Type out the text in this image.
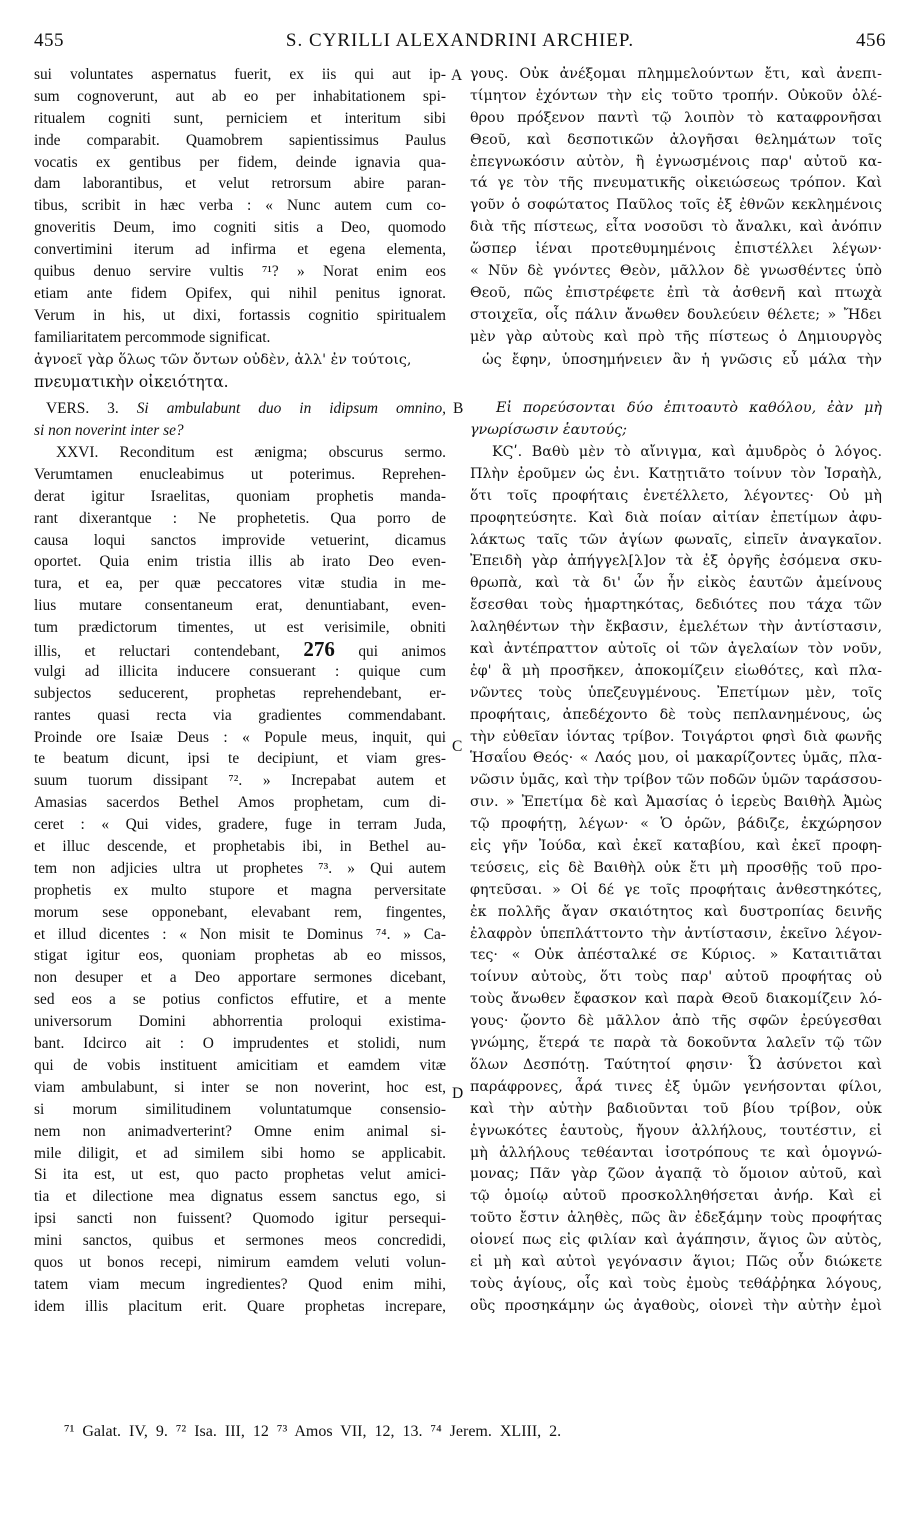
455	S. CYRILLI ALEXANDRINI ARCHIEP.	456
sui voluntates aspernatus fuerit, ex iis qui aut ip-
sum cognoverunt, aut ab eo per inhabitationem spi-
ritualem cogniti sunt, perniciem et interitum sibi
inde comparabit. Quamobrem sapientissimus Paulus
vocatis ex gentibus per fidem, deinde ignavia qua-
dam laborantibus, et velut retrorsum abire paran-
tibus, scribit in hæc verba : « Nunc autem cum co-
gnoveritis Deum, imo cogniti sitis a Deo, quomodo
convertimini iterum ad infirma et egena elementa,
quibus denuo servire vultis ⁷¹? » Norat enim eos
etiam ante fidem Opifex, qui nihil penitus ignorat.
Verum in his, ut dixi, fortassis cognitio spiritualem
familiaritatem percommode significat.
γους. Οὐκ ἀνέξομαι πλημμελούντων ἔτι, καὶ ἀνεπι-
τίμητον ἐχόντων τὴν εἰς τοῦτο τροπήν. Οὐκοῦν ὀλέ-
θρου πρόξενον παντὶ τῷ λοιπὸν τὸ καταφρονῆσαι
Θεοῦ, καὶ δεσποτικῶν ἀλογῆσαι θελημάτων τοῖς
ἐπεγνωκόσιν αὐτὸν, ἢ ἐγνωσμένοις παρ' αὐτοῦ κα-
τά γε τὸν τῆς πνευματικῆς οἰκειώσεως τρόπον. Καὶ
γοῦν ὁ σοφώτατος Παῦλος τοῖς ἐξ ἐθνῶν κεκλημένοις
διὰ τῆς πίστεως, εἶτα νοσοῦσι τὸ ἄναλκι, καὶ ἀνόπιν
ὥσπερ ἰέναι προτεθυμημένοις ἐπιστέλλει λέγων·
« Νῦν δὲ γνόντες Θεὸν, μᾶλλον δὲ γνωσθέντες ὑπὸ
Θεοῦ, πῶς ἐπιστρέφετε ἐπὶ τὰ ἀσθενῆ καὶ πτωχὰ
στοιχεῖα, οἷς πάλιν ἄνωθεν δουλεύειν θέλετε; » Ἤδει
μὲν γὰρ αὐτοὺς καὶ πρὸ τῆς πίστεως ὁ Δημιουργὸς
A
ἀγνοεῖ γὰρ ὅλως τῶν ὄντων οὐδὲν, ἀλλ' ἐν τούτοις,	ὡς ἔφην, ὑποσημήνειεν ἂν ἡ γνῶσις εὖ μάλα τὴν
πνευματικὴν οἰκειότητα.
VERS. 3. Si ambulabunt duo in idipsum omnino,
si non noverint inter se?
B	Εἰ πορεύσονται δύο ἐπιτοαυτὸ καθόλου, ἐὰν μὴ
γνωρίσωσιν ἑαυτούς;
XXVI. Reconditum est ænigma; obscurus sermo.
Verumtamen enucleabimus ut poterimus. Reprehen-
derat igitur Israelitas, quoniam prophetis manda-
rant dixerantque : Ne prophetetis. Qua porro de
causa loqui sanctos improvide vetuerint, dicamus
oportet. Quia enim tristia illis ab irato Deo even-
tura, et ea, per quæ peccatores vitæ studia in me-
lius mutare consentaneum erat, denuntiabant, even-
tum prædictorum timentes, ut est verisimile, obniti
illis, et reluctari contendebant, 276 qui animos
vulgi ad illicita inducere consuerant : quique cum
subjectos seducerent, prophetas reprehendebant, er-
rantes quasi recta via gradientes commendabant.
Proinde ore Isaiæ Deus : « Popule meus, inquit, qui
te beatum dicunt, ipsi te decipiunt, et viam gres-
suum tuorum dissipant ⁷². » Increpabat autem et
Amasias sacerdos Bethel Amos prophetam, cum di-
ceret : « Qui vides, gradere, fuge in terram Juda,
et illuc descende, et prophetabis ibi, in Bethel au-
tem non adjicies ultra ut prophetes ⁷³. » Qui autem
prophetis ex multo stupore et magna perversitate
morum sese opponebant, elevabant rem, fingentes,
et illud dicentes : « Non misit te Dominus ⁷⁴. » Ca-
stigat igitur eos, quoniam prophetas ab eo missos,
non desuper et a Deo apportare sermones dicebant,
sed eos a se potius confictos effutire, et a mente
universorum Domini abhorrentia proloqui existima-
bant. Idcirco ait : O imprudentes et stolidi, num
qui de vobis instituent amicitiam et eamdem vitæ
viam ambulabunt, si inter se non noverint, hoc est,
si morum similitudinem voluntatumque consensio-
nem non animadverterint? Omne enim animal si-
mile diligit, et ad similem sibi homo se applicabit.
Si ita est, ut est, quo pacto prophetas velut amici-
tia et dilectione mea dignatus essem sanctus ego, si
ipsi sancti non fuissent? Quomodo igitur persequi-
mini sanctos, quibus et sermones meos concredidi,
quos ut bonos recepi, nimirum eamdem veluti volun-
tatem viam mecum ingredientes? Quod enim mihi,
idem illis placitum erit. Quare prophetas increpare,
ΚϚʹ. Βαθὺ μὲν τὸ αἴνιγμα, καὶ ἀμυδρὸς ὁ λόγος.
Πλὴν ἐροῦμεν ὡς ἐνι. Κατῃτιᾶτο τοίνυν τὸν Ἰσραὴλ,
ὅτι τοῖς προφήταις ἐνετέλλετο, λέγοντες· Οὐ μὴ
προφητεύσητε. Καὶ διὰ ποίαν αἰτίαν ἐπετίμων ἀφυ-
λάκτως ταῖς τῶν ἁγίων φωναῖς, εἰπεῖν ἀναγκαῖον.
Ἐπειδὴ γὰρ ἀπήγγελ[λ]ον τὰ ἐξ ὀργῆς ἐσόμενα σκυ-
θρωπὰ, καὶ τὰ δι' ὧν ἦν εἰκὸς ἑαυτῶν ἀμείνους
ἔσεσθαι τοὺς ἡμαρτηκότας, δεδιότες που τάχα τῶν
λαληθέντων τὴν ἔκβασιν, ἐμελέτων τὴν ἀντίστασιν,
καὶ ἀντέπραττον αὐτοῖς οἱ τῶν ἀγελαίων τὸν νοῦν,
ἐφ' ἃ μὴ προσῆκεν, ἀποκομίζειν εἰωθότες, καὶ πλα-
νῶντες τοὺς ὑπεζευγμένους. Ἐπετίμων μὲν, τοῖς
προφήταις, ἀπεδέχοντο δὲ τοὺς πεπλανημένους, ὡς
τὴν εὐθεῖαν ἰόντας τρίβον. Τοιγάρτοι φησὶ διὰ φωνῆς
Ἡσαΐου Θεός· « Λαός μου, οἱ μακαρίζοντες ὑμᾶς, πλα-
νῶσιν ὑμᾶς, καὶ τὴν τρίβον τῶν ποδῶν ὑμῶν ταράσσου-
σιν. » Ἐπετίμα δὲ καὶ Ἀμασίας ὁ ἱερεὺς Βαιθὴλ Ἀμὼς
τῷ προφήτῃ, λέγων· « Ὁ ὁρῶν, βάδιζε, ἐκχώρησον
εἰς γῆν Ἰούδα, καὶ ἐκεῖ καταβίου, καὶ ἐκεῖ προφη-
τεύσεις, εἰς δὲ Βαιθὴλ οὐκ ἔτι μὴ προσθῇς τοῦ προ-
φητεῦσαι. » Οἱ δέ γε τοῖς προφήταις ἀνθεστηκότες,
ἐκ πολλῆς ἄγαν σκαιότητος καὶ δυστροπίας δεινῆς
ἐλαφρὸν ὑπεπλάττοντο τὴν ἀντίστασιν, ἐκεῖνο λέγον-
τες· « Οὐκ ἀπέσταλκέ σε Κύριος. » Καταιτιᾶται
τοίνυν αὐτοὺς, ὅτι τοὺς παρ' αὐτοῦ προφήτας οὐ
τοὺς ἄνωθεν ἔφασκον καὶ παρὰ Θεοῦ διακομίζειν λό-
γους· ᾤοντο δὲ μᾶλλον ἀπὸ τῆς σφῶν ἐρεύγεσθαι
γνώμης, ἕτερά τε παρὰ τὰ δοκοῦντα λαλεῖν τῷ τῶν
ὅλων Δεσπότῃ. Ταύτητοί φησιν· Ὦ ἀσύνετοι καὶ
παράφρονες, ἆρά τινες ἐξ ὑμῶν γενήσονται φίλοι,
καὶ τὴν αὐτὴν βαδιοῦνται τοῦ βίου τρίβον, οὐκ
ἐγνωκότες ἑαυτοὺς, ἤγουν ἀλλήλους, τουτέστιν, εἰ
μὴ ἀλλήλους τεθέανται ἰσοτρόπους τε καὶ ὁμογνώ-
μονας; Πᾶν γὰρ ζῶον ἀγαπᾷ τὸ ὅμοιον αὐτοῦ, καὶ
τῷ ὁμοίῳ αὐτοῦ προσκολληθήσεται ἀνήρ. Καὶ εἰ
τοῦτο ἔστιν ἀληθὲς, πῶς ἂν ἐδεξάμην τοὺς προφήτας
οἱονεί πως εἰς φιλίαν καὶ ἀγάπησιν, ἅγιος ὢν αὐτὸς,
εἰ μὴ καὶ αὐτοὶ γεγόνασιν ἅγιοι; Πῶς οὖν διώκετε
τοὺς ἁγίους, οἷς καὶ τοὺς ἐμοὺς τεθάῤῥηκα λόγους,
οὓς προσηκάμην ὡς ἀγαθοὺς, οἱονεὶ τὴν αὐτὴν ἐμοὶ
C
D
⁷¹ Galat. IV, 9. ⁷² Isa. III, 12 ⁷³ Amos VII, 12, 13. ⁷⁴ Jerem. XLIII, 2.
